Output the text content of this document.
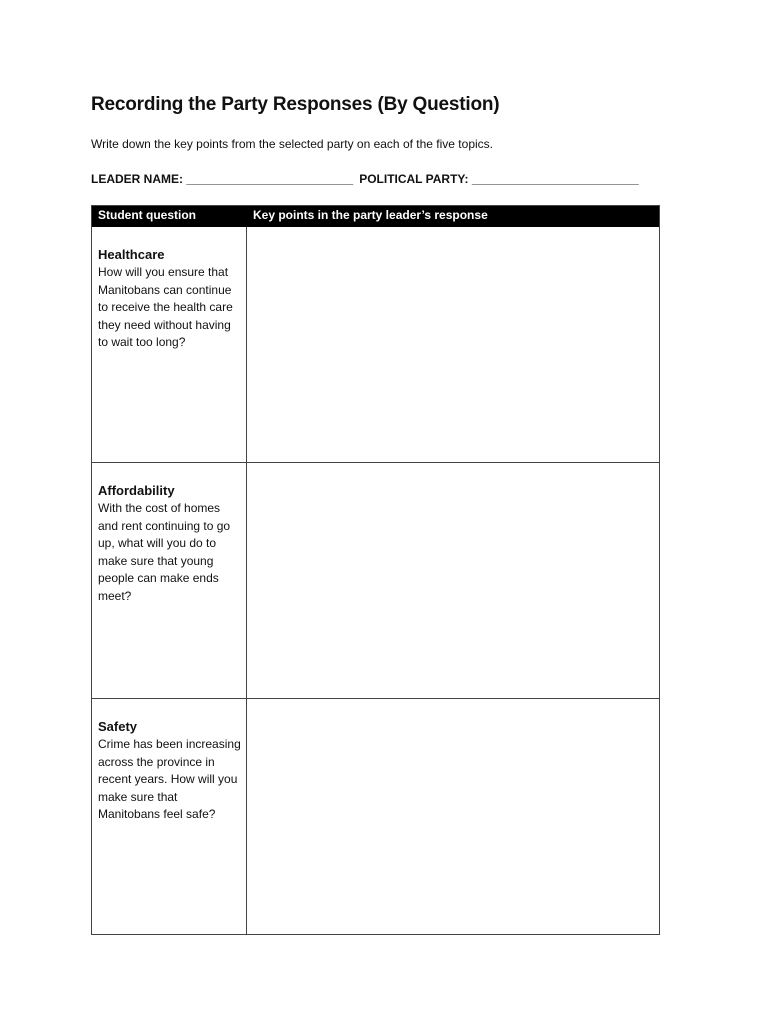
Recording the Party Responses (By Question)
Write down the key points from the selected party on each of the five topics.
LEADER NAME: _________________________ POLITICAL PARTY: _________________________
Student question	Key points in the party leader’s response
Healthcare
How will you ensure that Manitobans can continue to receive the health care they need without having to wait too long?
Affordability
With the cost of homes and rent continuing to go up, what will you do to make sure that young people can make ends meet?
Safety
Crime has been increasing across the province in recent years. How will you make sure that Manitobans feel safe?
